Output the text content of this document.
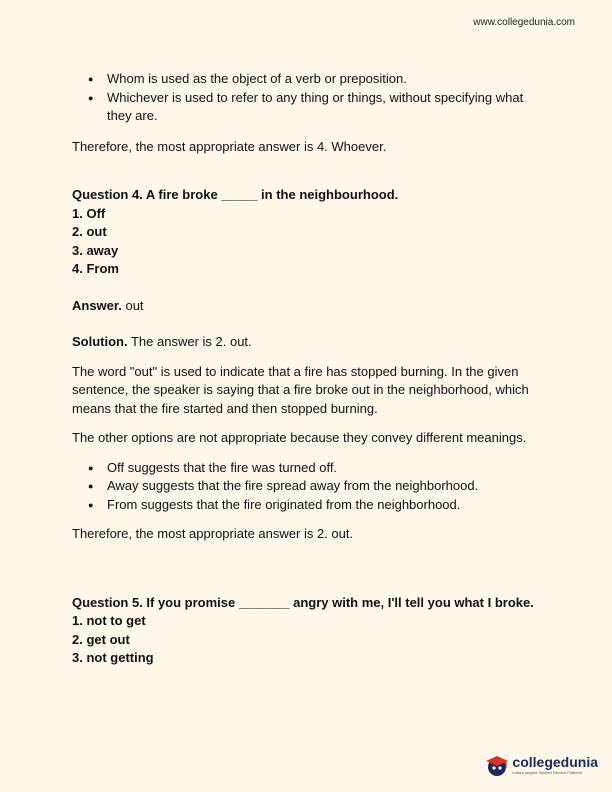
www.collegedunia.com
● Whom is used as the object of a verb or preposition.
● Whichever is used to refer to any thing or things, without specifying what they are.

Therefore, the most appropriate answer is 4. Whoever.

Question 4. A fire broke _____ in the neighbourhood.

1. Off
2. out
3. away
4. From

Answer. out

Solution. The answer is 2. out.

The word "out" is used to indicate that a fire has stopped burning. In the given sentence, the speaker is saying that a fire broke out in the neighborhood, which means that the fire started and then stopped burning.

The other options are not appropriate because they convey different meanings.

● Off suggests that the fire was turned off.
● Away suggests that the fire spread away from the neighborhood.
● From suggests that the fire originated from the neighborhood.

Therefore, the most appropriate answer is 2. out.

Question 5. If you promise _______ angry with me, I'll tell you what I broke.

1. not to get
2. get out
3. not getting
collegedunia
India's largest Student Review Platform
